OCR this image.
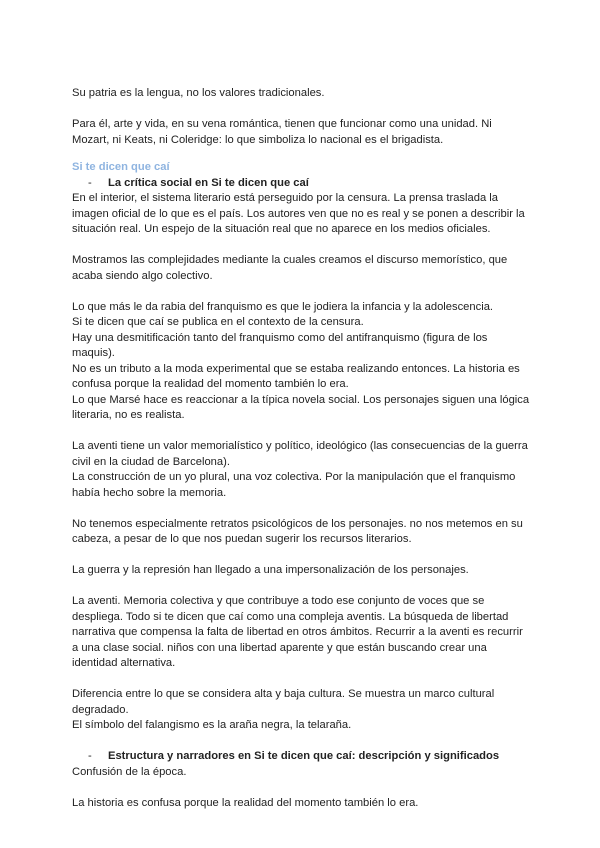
Su patria es la lengua, no los valores tradicionales.

Para él, arte y vida, en su vena romántica, tienen que funcionar como una unidad. Ni Mozart, ni Keats, ni Coleridge: lo que simboliza lo nacional es el brigadista.

Si te dicen que caí
-	La crítica social en Si te dicen que caí

En el interior, el sistema literario está perseguido por la censura. La prensa traslada la imagen oficial de lo que es el país. Los autores ven que no es real y se ponen a describir la situación real. Un espejo de la situación real que no aparece en los medios oficiales.

Mostramos las complejidades mediante la cuales creamos el discurso memorístico, que acaba siendo algo colectivo.

Lo que más le da rabia del franquismo es que le jodiera la infancia y la adolescencia.
Si te dicen que caí se publica en el contexto de la censura.
Hay una desmitificación tanto del franquismo como del antifranquismo (figura de los maquis).
No es un tributo a la moda experimental que se estaba realizando entonces. La historia es confusa porque la realidad del momento también lo era.
Lo que Marsé hace es reaccionar a la típica novela social. Los personajes siguen una lógica literaria, no es realista.

La aventi tiene un valor memorialístico y político, ideológico (las consecuencias de la guerra civil en la ciudad de Barcelona).
La construcción de un yo plural, una voz colectiva. Por la manipulación que el franquismo había hecho sobre la memoria.

No tenemos especialmente retratos psicológicos de los personajes. no nos metemos en su cabeza, a pesar de lo que nos puedan sugerir los recursos literarios.

La guerra y la represión han llegado a una impersonalización de los personajes.

La aventi. Memoria colectiva y que contribuye a todo ese conjunto de voces que se despliega. Todo si te dicen que caí como una compleja aventis. La búsqueda de libertad narrativa que compensa la falta de libertad en otros ámbitos. Recurrir a la aventi es recurrir a una clase social. niños con una libertad aparente y que están buscando crear una identidad alternativa.

Diferencia entre lo que se considera alta y baja cultura. Se muestra un marco cultural degradado.
El símbolo del falangismo es la araña negra, la telaraña.

-	Estructura y narradores en Si te dicen que caí: descripción y significados

Confusión de la época.

La historia es confusa porque la realidad del momento también lo era.
